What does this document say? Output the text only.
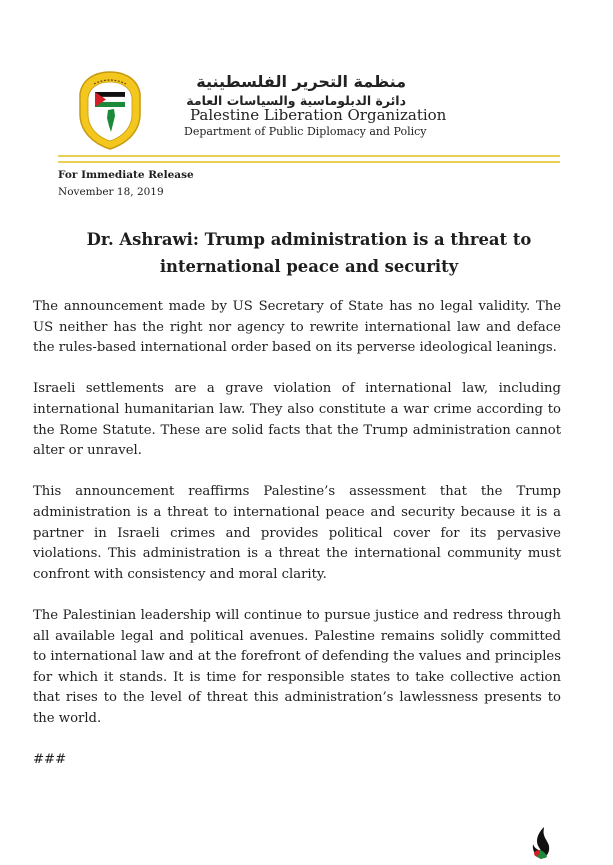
منظمة التحرير الفلسطينية
دائرة الدبلوماسية والسياسات العامة
Palestine Liberation Organization
Department of Public Diplomacy and Policy
For Immediate Release
November 18, 2019
Dr. Ashrawi: Trump administration is a threat to
international peace and security

The announcement made by US Secretary of State has no legal validity. The US neither has the right nor agency to rewrite international law and deface the rules-based international order based on its perverse ideological leanings.

Israeli settlements are a grave violation of international law, including international humanitarian law. They also constitute a war crime according to the Rome Statute. These are solid facts that the Trump administration cannot alter or unravel.

This announcement reaffirms Palestine’s assessment that the Trump administration is a threat to international peace and security because it is a partner in Israeli crimes and provides political cover for its pervasive violations. This administration is a threat the international community must confront with consistency and moral clarity.

The Palestinian leadership will continue to pursue justice and redress through all available legal and political avenues. Palestine remains solidly committed to international law and at the forefront of defending the values and principles for which it stands. It is time for responsible states to take collective action that rises to the level of threat this administration’s lawlessness presents to the world.

###
